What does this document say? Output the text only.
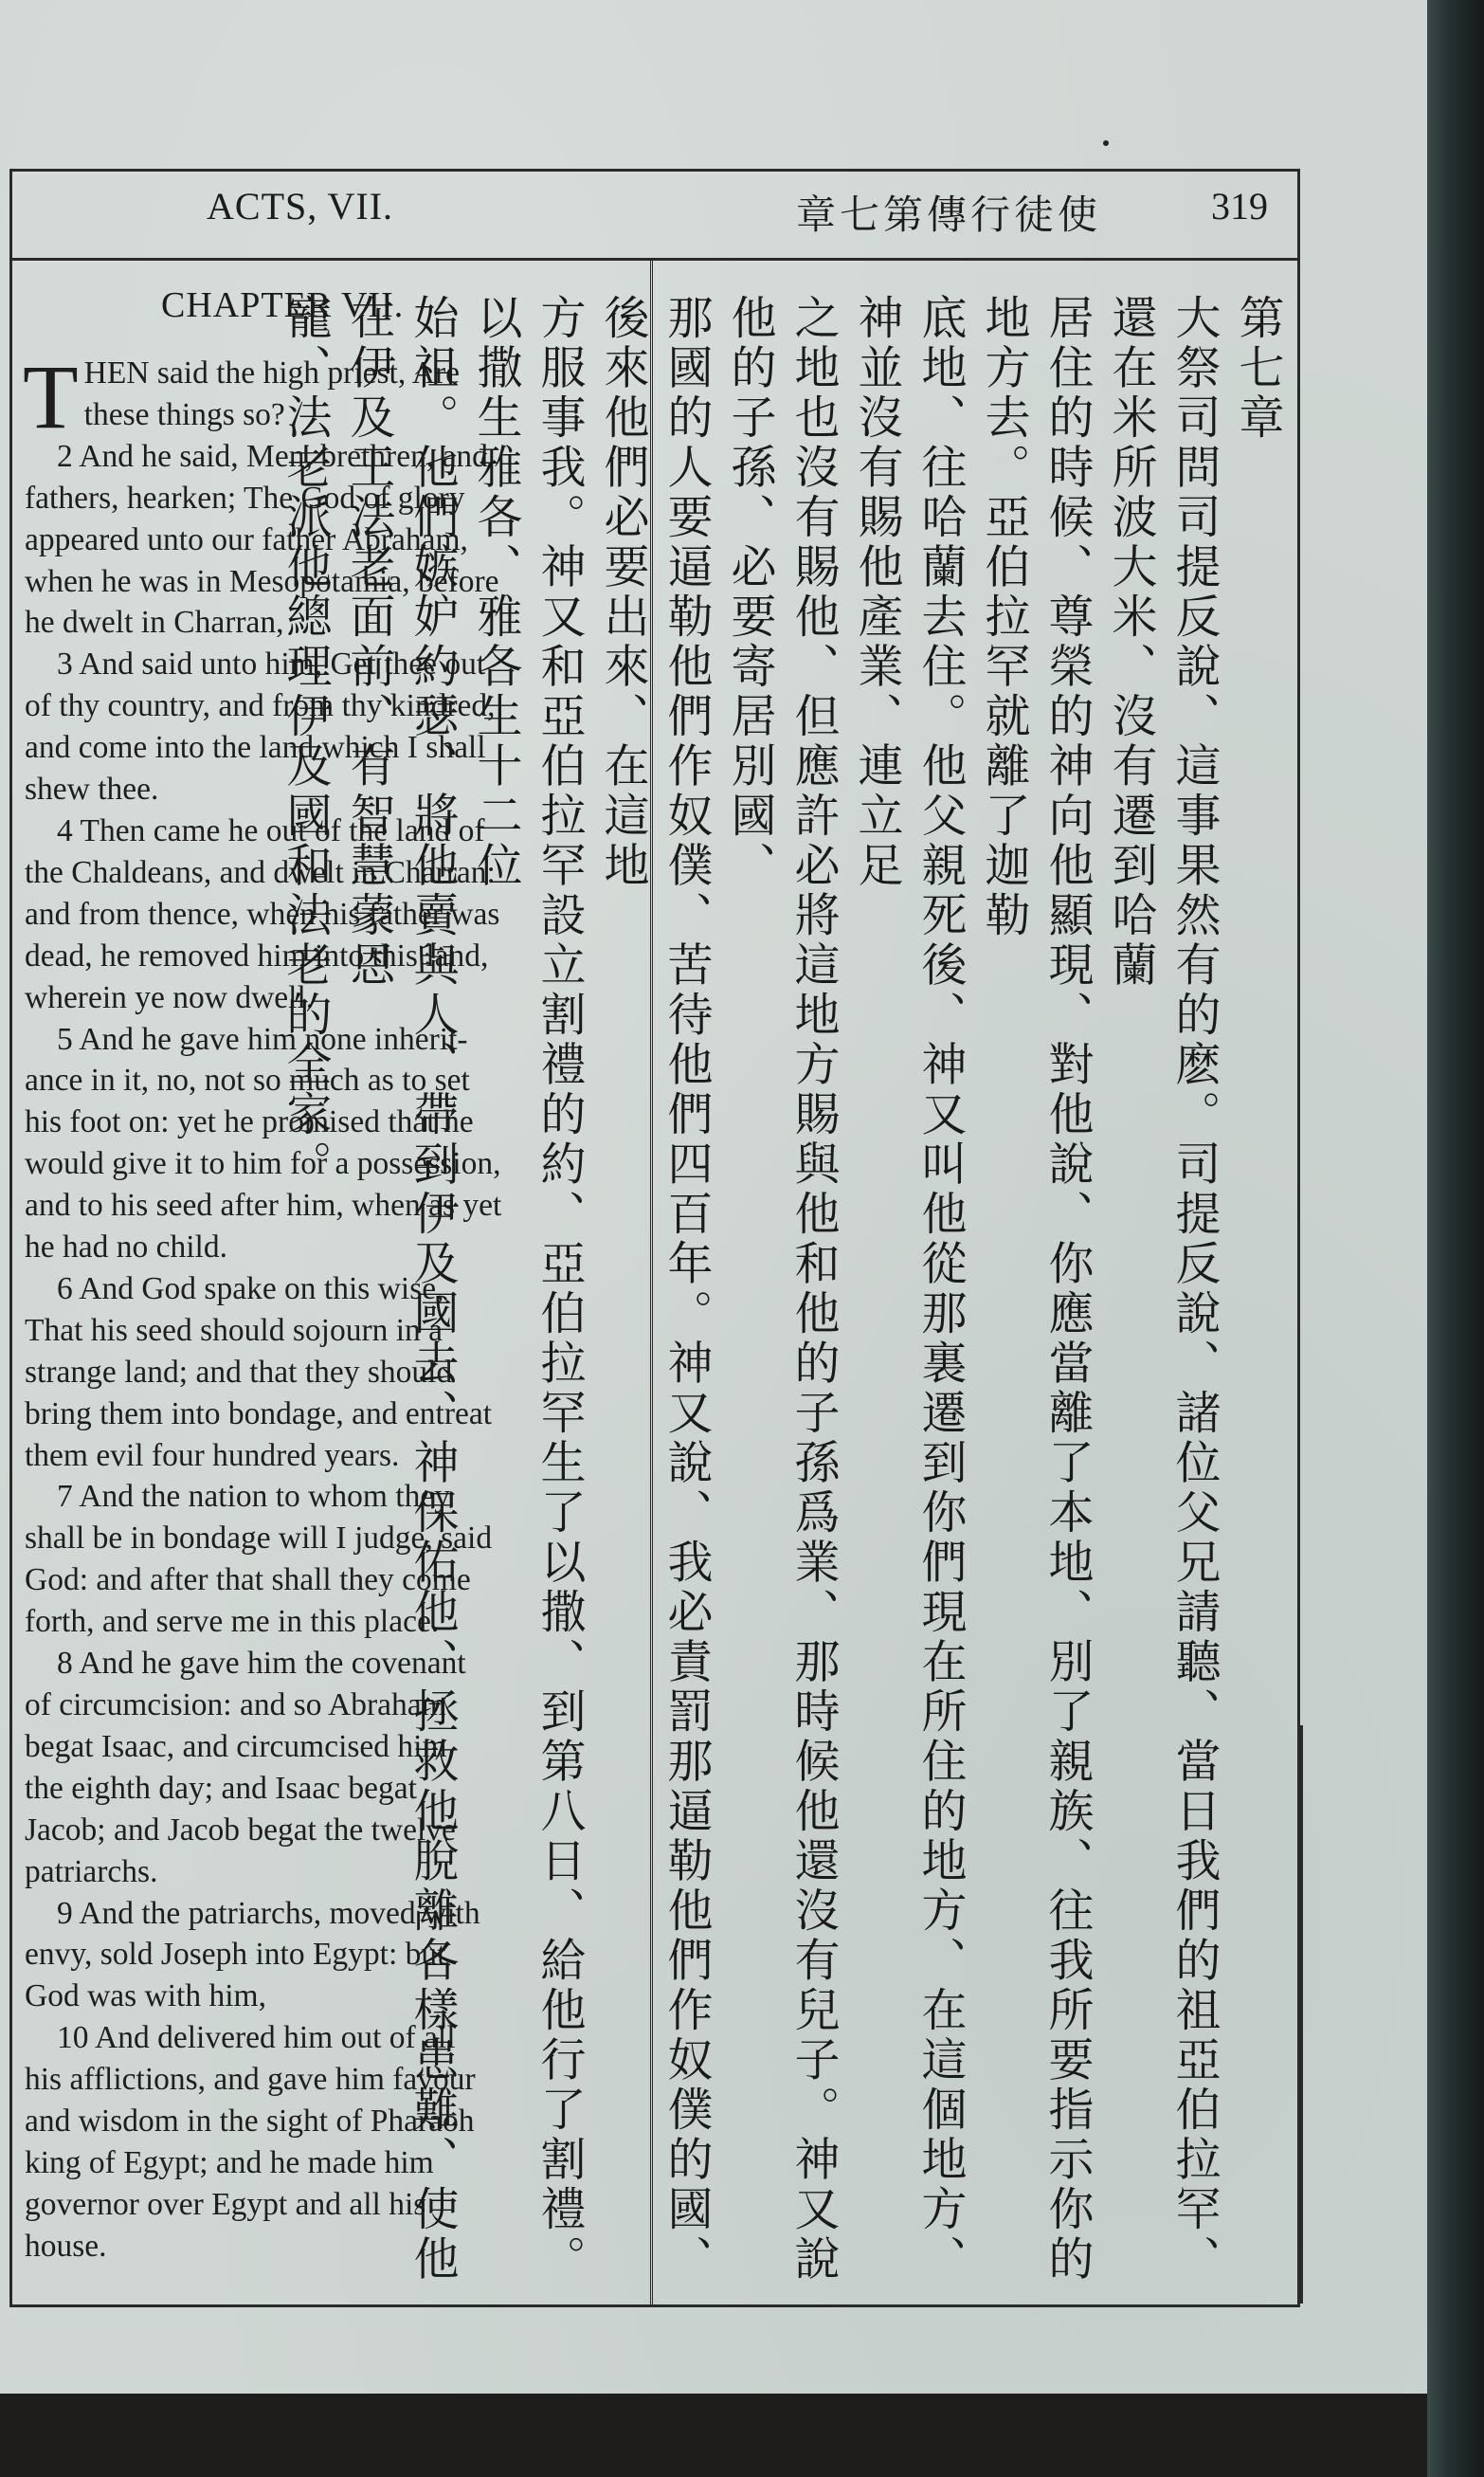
ACTS, VII.	章七第傳行徒使	319
CHAPTER VII.

T HEN said the high priest, Are
these things so?

2 And he said, Men, brethren, and
fathers, hearken; The God of glory
appeared unto our father Abraham,
when he was in Mesopotamia, before
he dwelt in Charran,

3 And said unto him, Get thee out
of thy country, and from thy kindred,
and come into the land which I shall
shew thee.

4 Then came he out of the land of
the Chaldeans, and dwelt in Charran:
and from thence, when his father was
dead, he removed him into this land,
wherein ye now dwell.

5 And he gave him none inherit-
ance in it, no, not so much as to set
his foot on: yet he promised that he
would give it to him for a possession,
and to his seed after him, when as yet
he had no child.

6 And God spake on this wise,
That his seed should sojourn in a
strange land; and that they should
bring them into bondage, and entreat
them evil four hundred years.

7 And the nation to whom they
shall be in bondage will I judge, said
God: and after that shall they come
forth, and serve me in this place.

8 And he gave him the covenant
of circumcision: and so Abraham
begat Isaac, and circumcised him
the eighth day; and Isaac begat
Jacob; and Jacob begat the twelve
patriarchs.

9 And the patriarchs, moved with
envy, sold Joseph into Egypt: but
God was with him,

10 And delivered him out of all
his afflictions, and gave him favour
and wisdom in the sight of Pharaoh
king of Egypt; and he made him
governor over Egypt and all his
house.

第七章
大祭司問司提反說、這事果然有的麽。司提反說、諸位父兄請聽、當日我們的祖亞伯拉罕、還在米所波大米、沒有遷到哈蘭
居住的時候、尊榮的神向他顯現、對他說、你應當離了本地、別了親族、往我所要指示你的地方去。亞伯拉罕就離了迦勒
底地、往哈蘭去住。他父親死後、神又叫他從那裏遷到你們現在所住的地方、在這個地方、神並沒有賜他產業、連立足
之地也沒有賜他、但應許必將這地方賜與他和他的子孫爲業、那時候他還沒有兒子。神又說他的子孫、必要寄居別國、
那國的人要逼勒他們作奴僕、苦待他們四百年。神又說、我必責罰那逼勒他們作奴僕的國、後來他們必要出來、在這地
方服事我。神又和亞伯拉罕設立割禮的約、亞伯拉罕生了以撒、到第八日、給他行了割禮。以撒生雅各、雅各生十二位
始祖。他們嫉妒約瑟、將他賣與人、帶到伊及國去、神保佑他、拯救他脫離各樣患難、使他在伊及王法老面前、有智慧蒙恩
寵、法老派他總理伊及國和法老的全家。
